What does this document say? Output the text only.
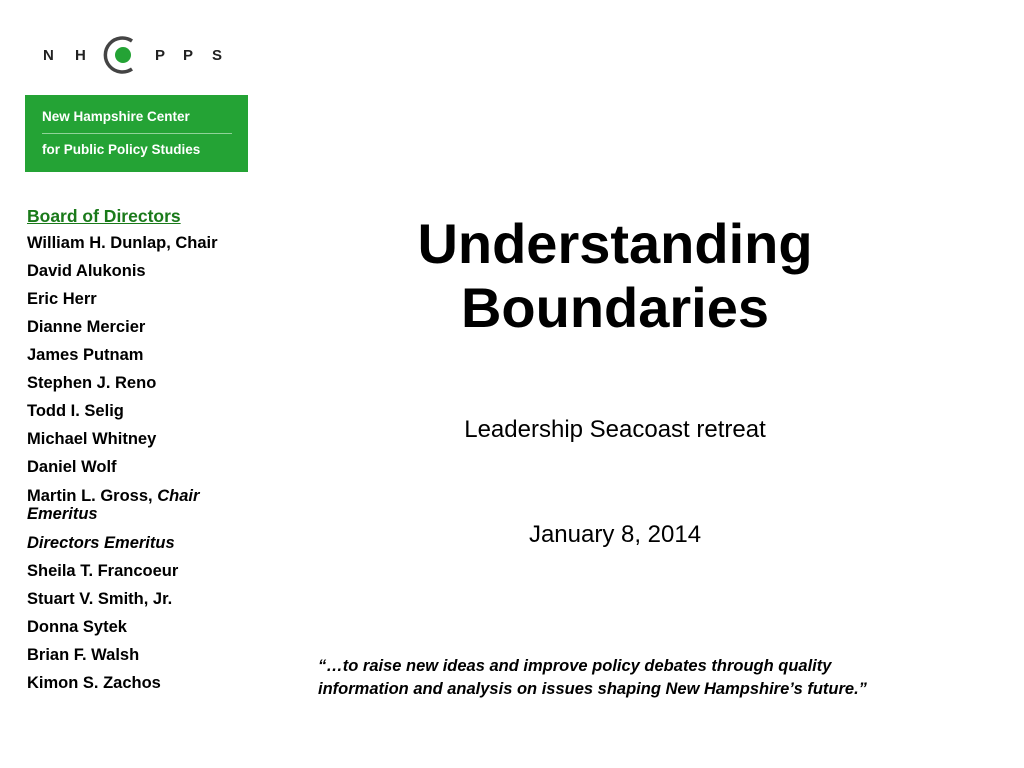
N H	P P S
New Hampshire Center
for Public Policy Studies
Board of Directors
William H. Dunlap, Chair
David Alukonis
Eric Herr
Dianne Mercier
James Putnam
Stephen J. Reno
Todd I. Selig
Michael Whitney
Daniel Wolf
Martin L. Gross, Chair Emeritus
Directors Emeritus
Sheila T. Francoeur
Stuart V. Smith, Jr.
Donna Sytek
Brian F. Walsh
Kimon S. Zachos
Understanding
Boundaries
Leadership Seacoast retreat
January 8, 2014
“…to raise new ideas and improve policy debates through quality
information and analysis on issues shaping New Hampshire’s future.”
